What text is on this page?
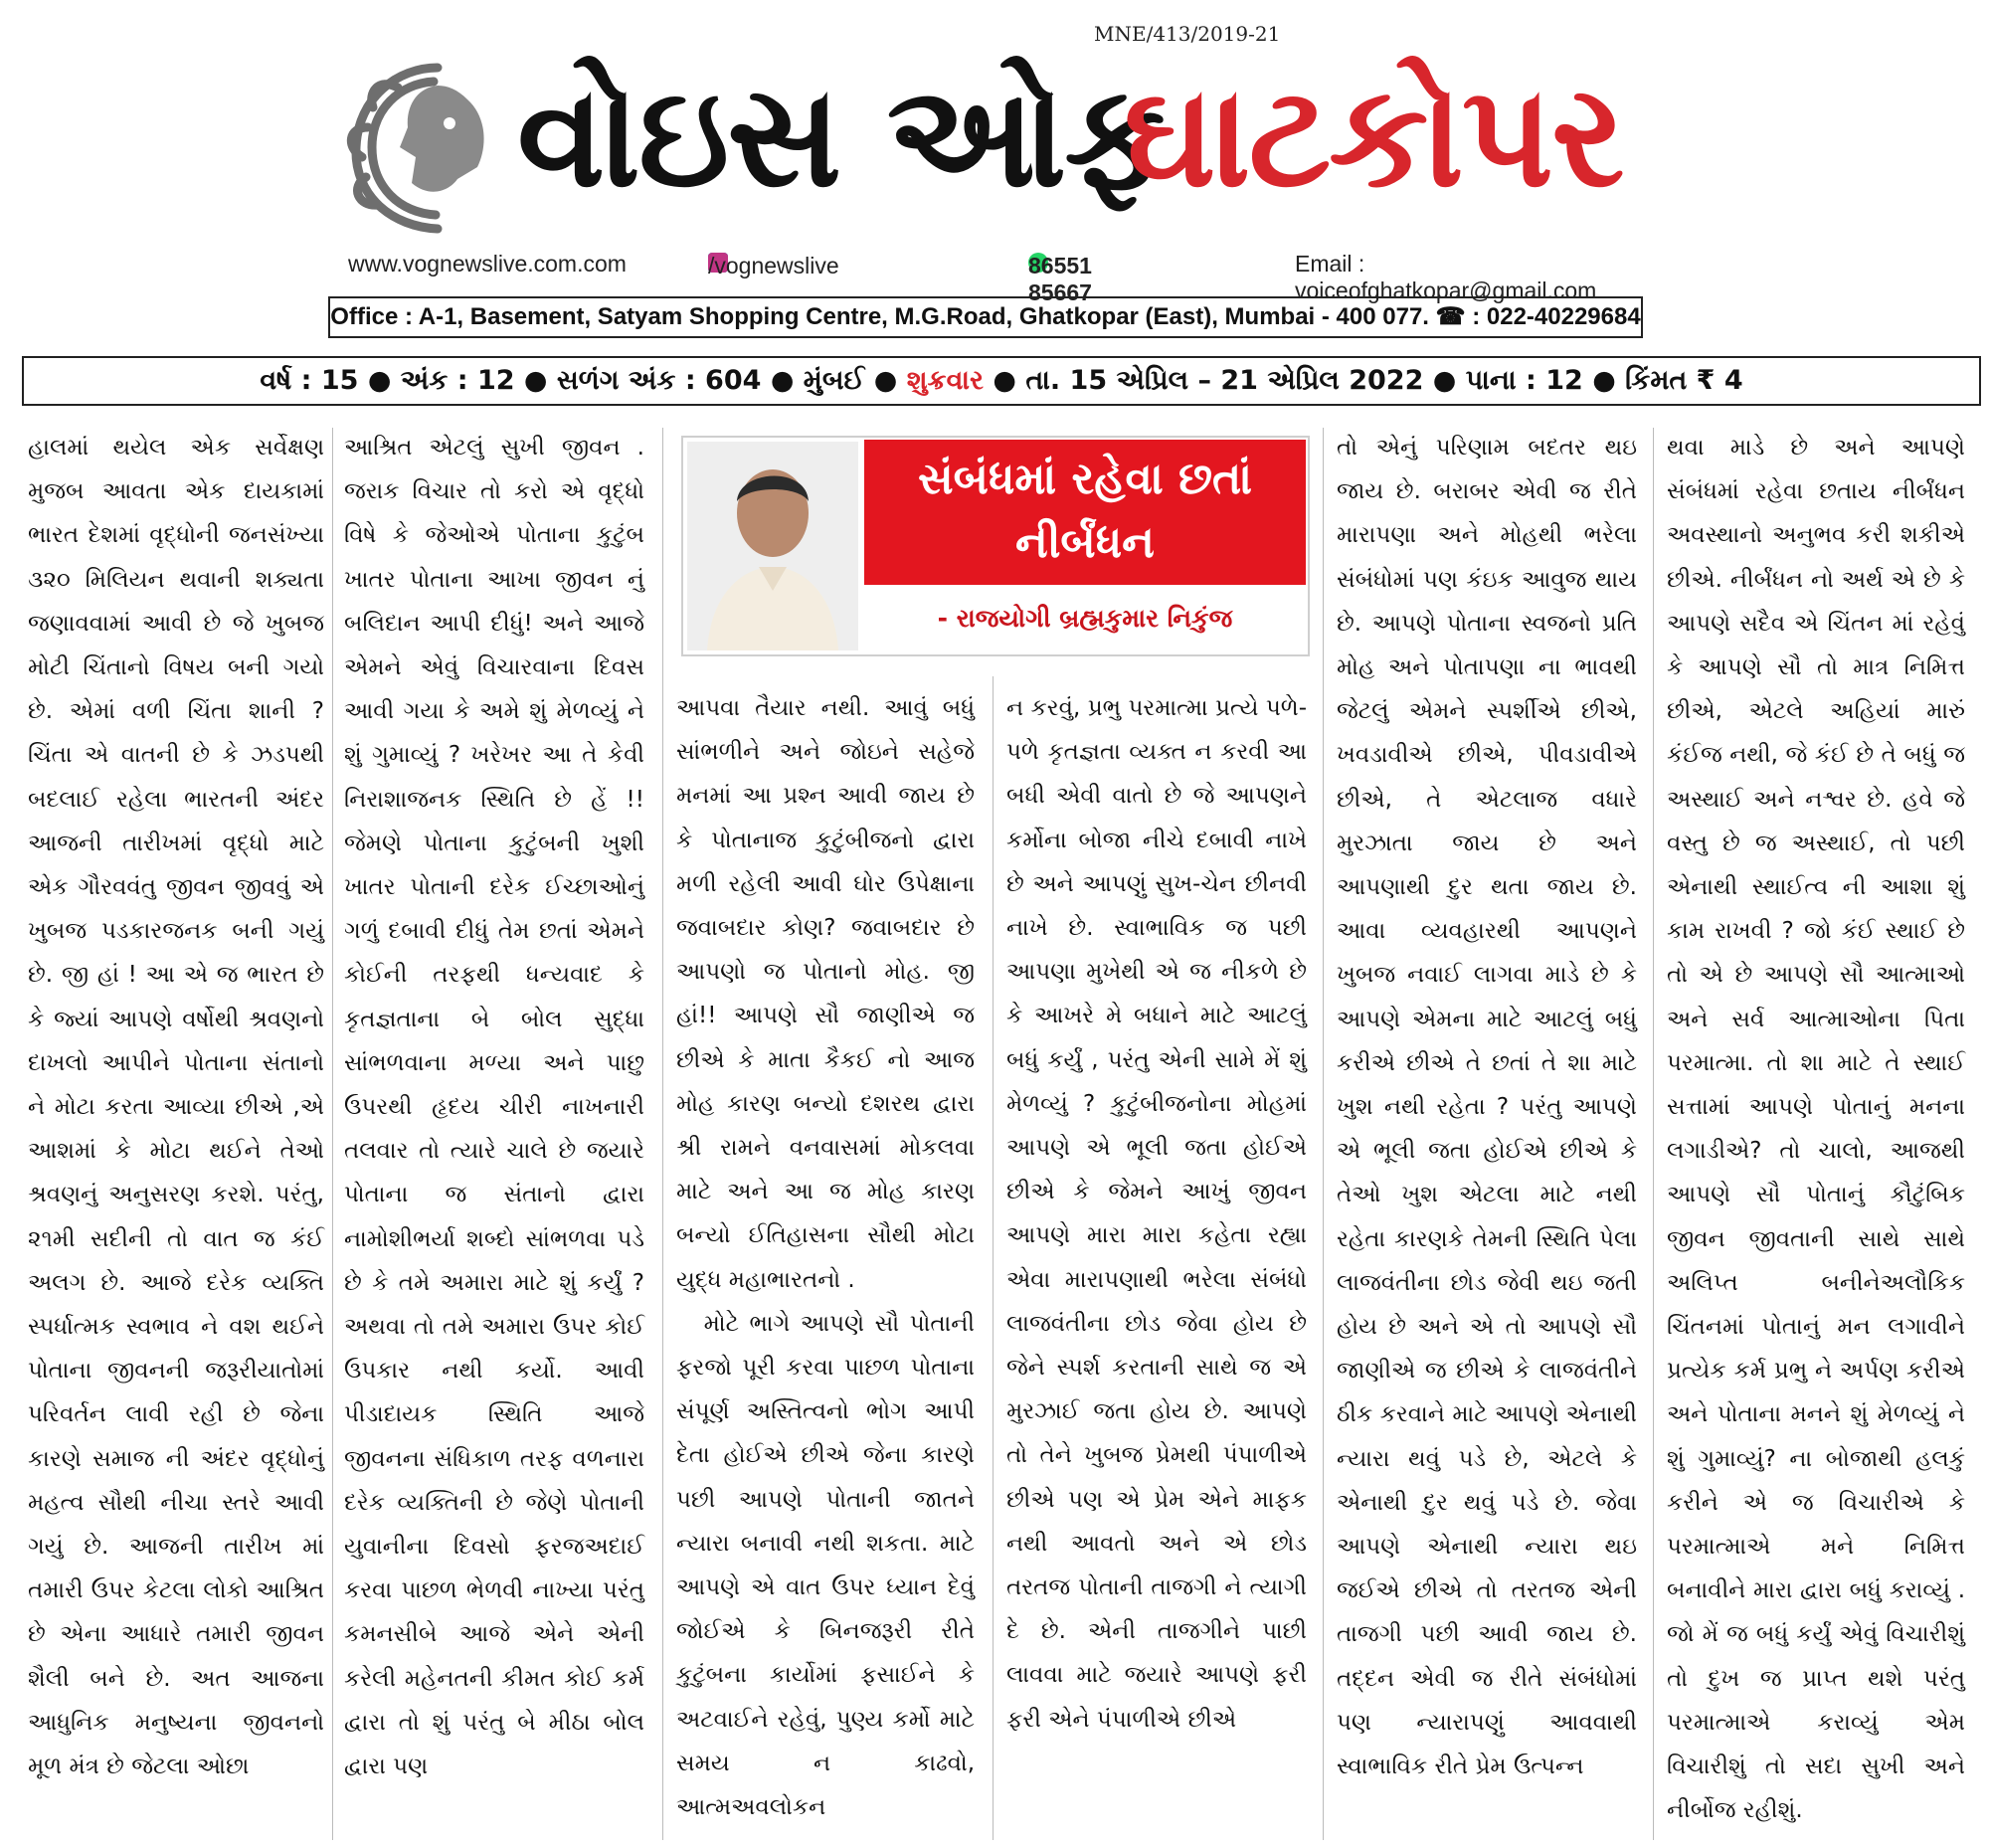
MNE/413/2019-21
વોઇસ ઓફ
ઘાટકોપર
www.vognewslive.com.com	/vognewslive	86551 85667
Email : voiceofghatkopar@gmail.com
Office : A-1, Basement, Satyam Shopping Centre, M.G.Road, Ghatkopar (East), Mumbai - 400 077. ☎ : 022-40229684
વર્ષ : 15 ● અંક : 12 ● સળંગ અંક : 604 ● મુંબઈ ● શુક્રવાર ● તા. 15 એપ્રિલ – 21 એપ્રિલ 2022 ● પાના : 12 ● કિંમત ₹ 4
સંબંધમાં રહેવા છતાં
નીર્બંધન
- રાજયોગી બ્રહ્મકુમાર નિકુંજ

હાલમાં થયેલ એક સર્વેક્ષણ મુજબ આવતા એક દાયકામાં ભારત દેશમાં વૃદ્ધોની જનસંખ્યા ૩૨૦ મિલિયન થવાની શક્યતા જણાવવામાં આવી છે જે ખુબજ મોટી ચિંતાનો વિષય બની ગયો છે. એમાં વળી ચિંતા શાની ? ચિંતા એ વાતની છે કે ઝડપથી બદલાઈ રહેલા ભારતની અંદર આજની તારીખમાં વૃદ્ધો માટે એક ગૌરવવંતુ જીવન જીવવું એ ખુબજ પડકારજનક બની ગયું છે. જી હાં ! આ એ જ ભારત છે કે જ્યાં આપણે વર્ષોથી શ્રવણનો દાખલો આપીને પોતાના સંતાનો ને મોટા કરતા આવ્યા છીએ ,એ આશમાં કે મોટા થઈને તેઓ શ્રવણનું અનુસરણ કરશે. પરંતુ, ૨૧મી સદીની તો વાત જ કંઈ અલગ છે. આજે દરેક વ્યક્તિ સ્પર્ધાત્મક સ્વભાવ ને વશ થઈને પોતાના જીવનની જરૂરીયાતોમાં પરિવર્તન લાવી રહી છે જેના કારણે સમાજ ની અંદર વૃદ્ધોનું મહત્વ સૌથી નીચા સ્તરે આવી ગયું છે. આજની તારીખ માં તમારી ઉપર કેટલા લોકો આશ્રિત છે એના આધારે તમારી જીવન શૈલી બને છે. અત આજના આધુનિક મનુષ્યના જીવનનો મૂળ મંત્ર છે જેટલા ઓછા

આશ્રિત એટલું સુખી જીવન . જરાક વિચાર તો કરો એ વૃદ્ધો વિષે કે જેઓએ પોતાના કુટુંબ ખાતર પોતાના આખા જીવન નું બલિદાન આપી દીધું! અને આજે એમને એવું વિચારવાના દિવસ આવી ગયા કે અમે શું મેળવ્યું ને શું ગુમાવ્યું ? ખરેખર આ તે કેવી નિરાશાજનક સ્થિતિ છે હેં !! જેમણે પોતાના કુટુંબની ખુશી ખાતર પોતાની દરેક ઈચ્છાઓનું ગળું દબાવી દીધું તેમ છતાં એમને કોઈની તરફથી ધન્યવાદ કે કૃતજ્ઞતાના બે બોલ સુદ્ધા સાંભળવાના મળ્યા અને પાછુ ઉપરથી હૃદય ચીરી નાખનારી તલવાર તો ત્યારે ચાલે છે જયારે પોતાના જ સંતાનો દ્વારા નામોશીભર્યા શબ્દો સાંભળવા પડે છે કે તમે અમારા માટે શું કર્યું ? અથવા તો તમે અમારા ઉપર કોઈ ઉપકાર નથી કર્યો. આવી પીડાદાયક સ્થિતિ આજે જીવનના સંધિકાળ તરફ વળનારા દરેક વ્યક્તિની છે જેણે પોતાની યુવાનીના દિવસો ફરજઅદાઈ કરવા પાછળ ભેળવી નાખ્યા પરંતુ કમનસીબે આજે એને એની કરેલી મહેનતની કીમત કોઈ કર્મ દ્વારા તો શું પરંતુ બે મીઠા બોલ દ્વારા પણ

આપવા તૈયાર નથી. આવું બધું સાંભળીને અને જોઇને સહેજે મનમાં આ પ્રશ્ન આવી જાય છે કે પોતાનાજ કુટુંબીજનો દ્વારા મળી રહેલી આવી ઘોર ઉપેક્ષાના જવાબદાર કોણ? જવાબદાર છે આપણો જ પોતાનો મોહ. જી હાં!! આપણે સૌ જાણીએ જ છીએ કે માતા કૈકઈ નો આજ મોહ કારણ બન્યો દશરથ દ્વારા શ્રી રામને વનવાસમાં મોકલવા માટે અને આ જ મોહ કારણ બન્યો ઈતિહાસના સૌથી મોટા યુદ્ધ મહાભારતનો .

મોટે ભાગે આપણે સૌ પોતાની ફરજો પૂરી કરવા પાછળ પોતાના સંપૂર્ણ અસ્તિત્વનો ભોગ આપી દેતા હોઈએ છીએ જેના કારણે પછી આપણે પોતાની જાતને ન્યારા બનાવી નથી શકતા. માટે આપણે એ વાત ઉપર ધ્યાન દેવું જોઈએ કે બિનજરૂરી રીતે કુટુંબના કાર્યોમાં ફસાઈને કે અટવાઈને રહેવું, પુણ્ય કર્મો માટે સમય ન કાઢવો, આત્મઅવલોકન

ન કરવું, પ્રભુ પરમાત્મા પ્રત્યે પળે-પળે કૃતજ્ઞતા વ્યક્ત ન કરવી આ બધી એવી વાતો છે જે આપણને કર્મોના બોજા નીચે દબાવી નાખે છે અને આપણું સુખ-ચેન છીનવી નાખે છે. સ્વાભાવિક જ પછી આપણા મુખેથી એ જ નીકળે છે કે આખરે મે બધાને માટે આટલું બધું કર્યું , પરંતુ એની સામે મેં શું મેળવ્યું ? કુટુંબીજનોના મોહમાં આપણે એ ભૂલી જતા હોઈએ છીએ કે જેમને આખું જીવન આપણે મારા મારા કહેતા રહ્યા એવા મારાપણાથી ભરેલા સંબંધો લાજવંતીના છોડ જેવા હોય છે જેને સ્પર્શ કરતાની સાથે જ એ મુરઝાઈ જતા હોય છે. આપણે તો તેને ખુબજ પ્રેમથી પંપાળીએ છીએ પણ એ પ્રેમ એને માફક નથી આવતો અને એ છોડ તરતજ પોતાની તાજગી ને ત્યાગી દે છે. એની તાજગીને પાછી લાવવા માટે જયારે આપણે ફરી ફરી એને પંપાળીએ છીએ

તો એનું પરિણામ બદતર થઇ જાય છે. બરાબર એવી જ રીતે મારાપણા અને મોહથી ભરેલા સંબંધોમાં પણ કંઇક આવુજ થાય છે. આપણે પોતાના સ્વજનો પ્રતિ મોહ અને પોતાપણા ના ભાવથી જેટલું એમને સ્પર્શીએ છીએ, ખવડાવીએ છીએ, પીવડાવીએ છીએ, તે એટલાજ વધારે મુરઝાતા જાય છે અને આપણાથી દુર થતા જાય છે. આવા વ્યવહારથી આપણને ખુબજ નવાઈ લાગવા માડે છે કે આપણે એમના માટે આટલું બધું કરીએ છીએ તે છતાં તે શા માટે ખુશ નથી રહેતા ? પરંતુ આપણે એ ભૂલી જતા હોઈએ છીએ કે તેઓ ખુશ એટલા માટે નથી રહેતા કારણકે તેમની સ્થિતિ પેલા લાજવંતીના છોડ જેવી થઇ જતી હોય છે અને એ તો આપણે સૌ જાણીએ જ છીએ કે લાજવંતીને ઠીક કરવાને માટે આપણે એનાથી ન્યારા થવું પડે છે, એટલે કે એનાથી દુર થવું પડે છે. જેવા આપણે એનાથી ન્યારા થઇ જઈએ છીએ તો તરતજ એની તાજગી પછી આવી જાય છે. તદ્દન એવી જ રીતે સંબંધોમાં પણ ન્યારાપણું આવવાથી સ્વાભાવિક રીતે પ્રેમ ઉત્પન્ન

થવા માડે છે અને આપણે સંબંધમાં રહેવા છતાય નીર્બંધન અવસ્થાનો અનુભવ કરી શકીએ છીએ. નીર્બંધન નો અર્થ એ છે કે આપણે સદૈવ એ ચિંતન માં રહેવું કે આપણે સૌ તો માત્ર નિમિત્ત છીએ, એટલે અહિયાં મારું કંઈજ નથી, જે કંઈ છે તે બધું જ અસ્થાઈ અને નશ્વર છે. હવે જે વસ્તુ છે જ અસ્થાઈ, તો પછી એનાથી સ્થાઈત્વ ની આશા શું કામ રાખવી ? જો કંઈ સ્થાઈ છે તો એ છે આપણે સૌ આત્માઓ અને સર્વ આત્માઓના પિતા પરમાત્મા. તો શા માટે તે સ્થાઈ સત્તામાં આપણે પોતાનું મનના લગાડીએ? તો ચાલો, આજથી આપણે સૌ પોતાનું કૌટુંબિક જીવન જીવતાની સાથે સાથે અલિપ્ત બનીનેઅલૌકિક ચિંતનમાં પોતાનું મન લગાવીને પ્રત્યેક કર્મ પ્રભુ ને અર્પણ કરીએ અને પોતાના મનને શું મેળવ્યું ને શું ગુમાવ્યું? ના બોજાથી હલકું કરીને એ જ વિચારીએ કે પરમાત્માએ મને નિમિત્ત બનાવીને મારા દ્વારા બધું કરાવ્યું . જો મેં જ બધું કર્યું એવું વિચારીશું તો દુખ જ પ્રાપ્ત થશે પરંતુ પરમાત્માએ કરાવ્યું એમ વિચારીશું તો સદા સુખી અને નીર્બોજ રહીશું.
